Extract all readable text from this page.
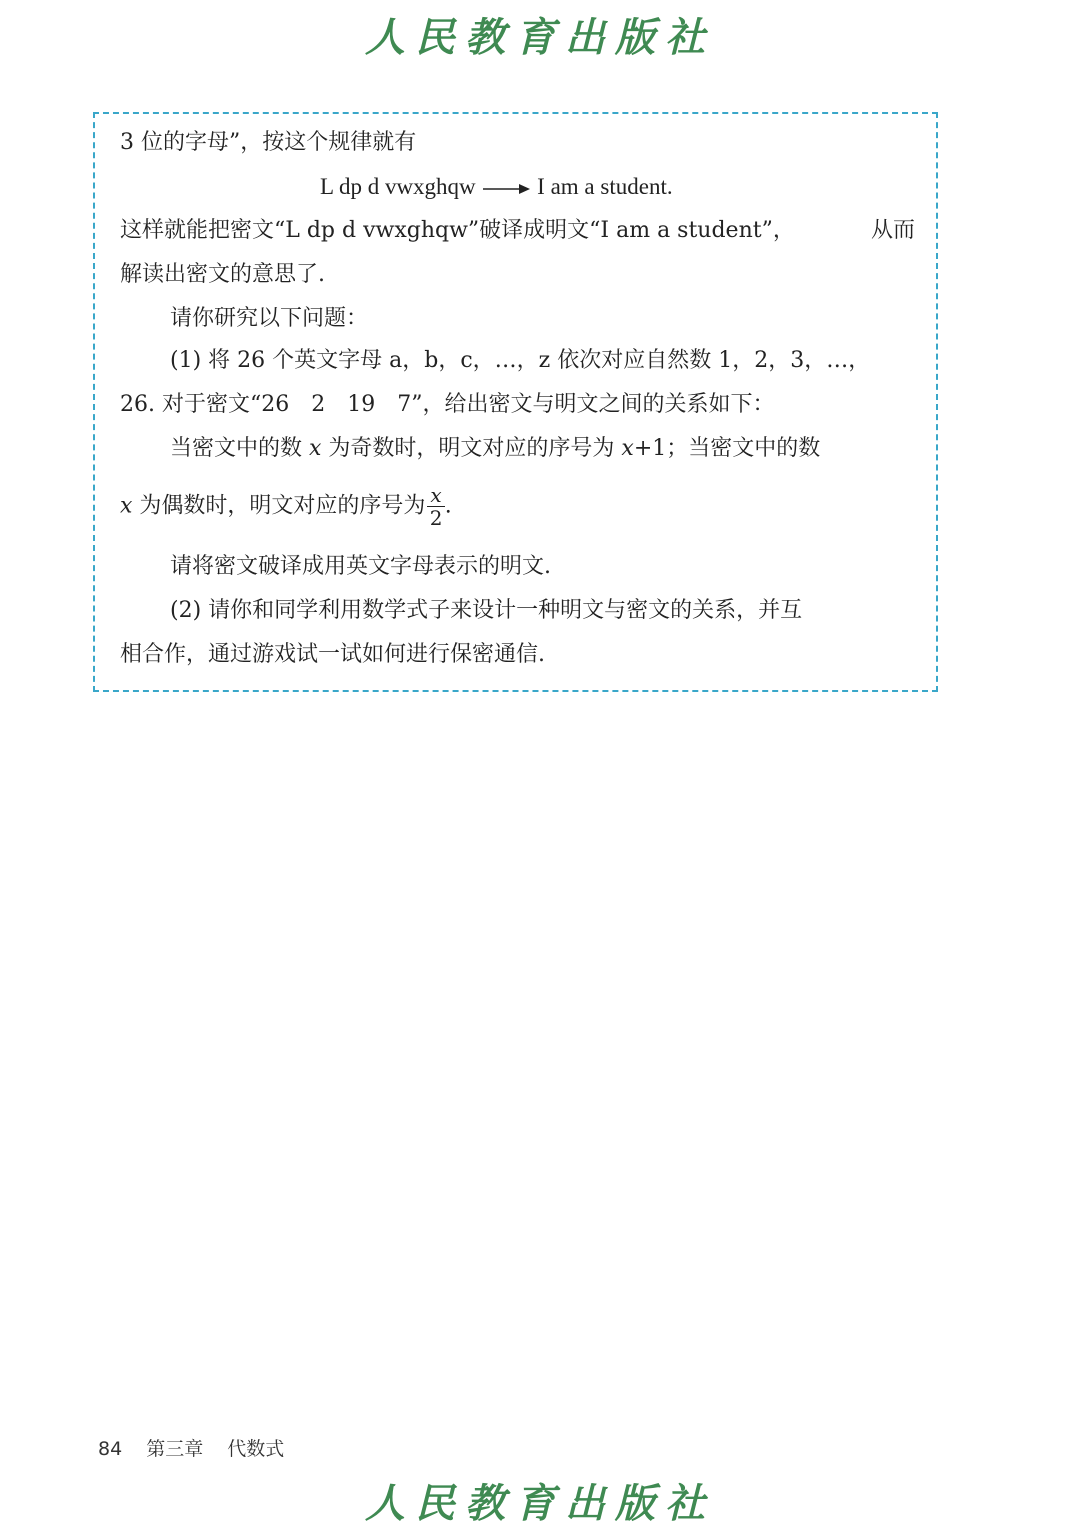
人民教育出版社
3 位的字母”，按这个规律就有
L dp d vwxghqw	I am a student.
这样就能把密文“L dp d vwxghqw”破译成明文“I am a student”，	从而
解读出密文的意思了.
请你研究以下问题：
(1) 将 26 个英文字母 a，b，c，…，z 依次对应自然数 1，2，3，…，
26. 对于密文“26　2　19　7”，给出密文与明文之间的关系如下：
当密文中的数 x 为奇数时，明文对应的序号为 x+1；当密文中的数
x 为偶数时，明文对应的序号为 $\frac{x}{2}$ .
请将密文破译成用英文字母表示的明文.
(2) 请你和同学利用数学式子来设计一种明文与密文的关系，并互
相合作，通过游戏试一试如何进行保密通信.
84 第三章 代数式
人民教育出版社
